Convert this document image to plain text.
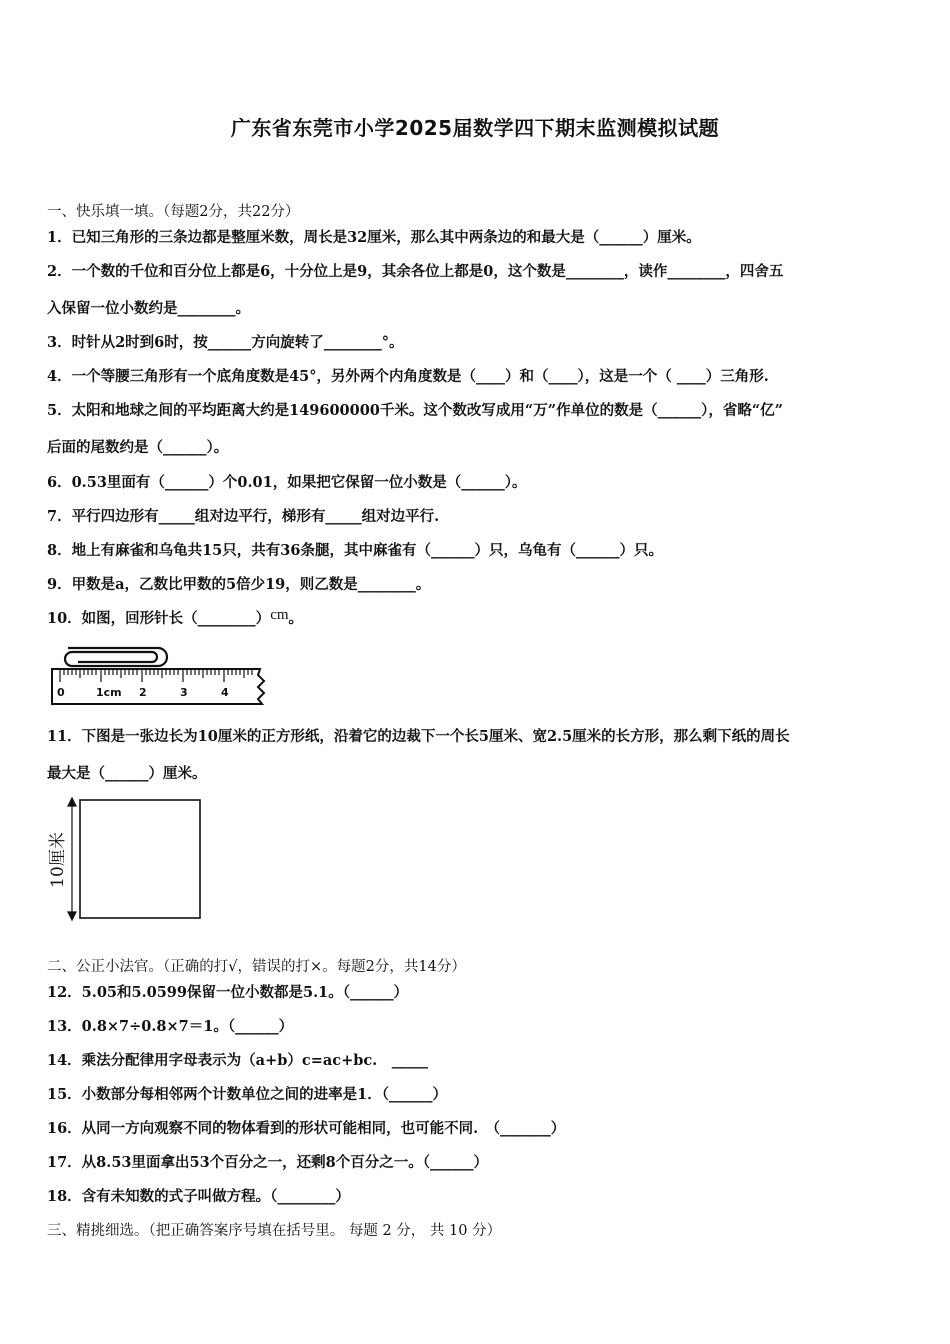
广东省东莞市小学2025届数学四下期末监测模拟试题
一、快乐填一填。（每题2分，共22分）
1．已知三角形的三条边都是整厘米数，周长是32厘米，那么其中两条边的和最大是（______）厘米。
2．一个数的千位和百分位上都是6，十分位上是9，其余各位上都是0，这个数是________，读作________，四舍五
入保留一位小数约是________。
3．时针从2时到6时，按______方向旋转了________°。
4．一个等腰三角形有一个底角度数是45°，另外两个内角度数是（____）和（____），这是一个（ ____）三角形.
5．太阳和地球之间的平均距离大约是149600000千米。这个数改写成用“万”作单位的数是（______），省略“亿”
后面的尾数约是（______）。
6．0.53里面有（______）个0.01，如果把它保留一位小数是（______）。
7．平行四边形有_____组对边平行，梯形有_____组对边平行.
8．地上有麻雀和乌龟共15只，共有36条腿，其中麻雀有（______）只，乌龟有（______）只。
9．甲数是a，乙数比甲数的5倍少19，则乙数是________。
10．如图，回形针长（________）cm。
0	1cm 2	3	4
11．下图是一张边长为10厘米的正方形纸，沿着它的边裁下一个长5厘米、宽2.5厘米的长方形，那么剩下纸的周长
最大是（______）厘米。
10厘米
二、公正小法官。（正确的打√，错误的打×。每题2分，共14分）
12．5.05和5.0599保留一位小数都是5.1。（______）
13．0.8×7÷0.8×7＝1。（______）
14．乘法分配律用字母表示为（a+b）c=ac+bc.　_____
15．小数部分每相邻两个计数单位之间的进率是1．（______）
16．从同一方向观察不同的物体看到的形状可能相同，也可能不同.　（_______）
17．从8.53里面拿出53个百分之一，还剩8个百分之一。（______）
18．含有未知数的式子叫做方程。（________）
三、精挑细选。（把正确答案序号填在括号里。 每题 2 分， 共 10 分）
